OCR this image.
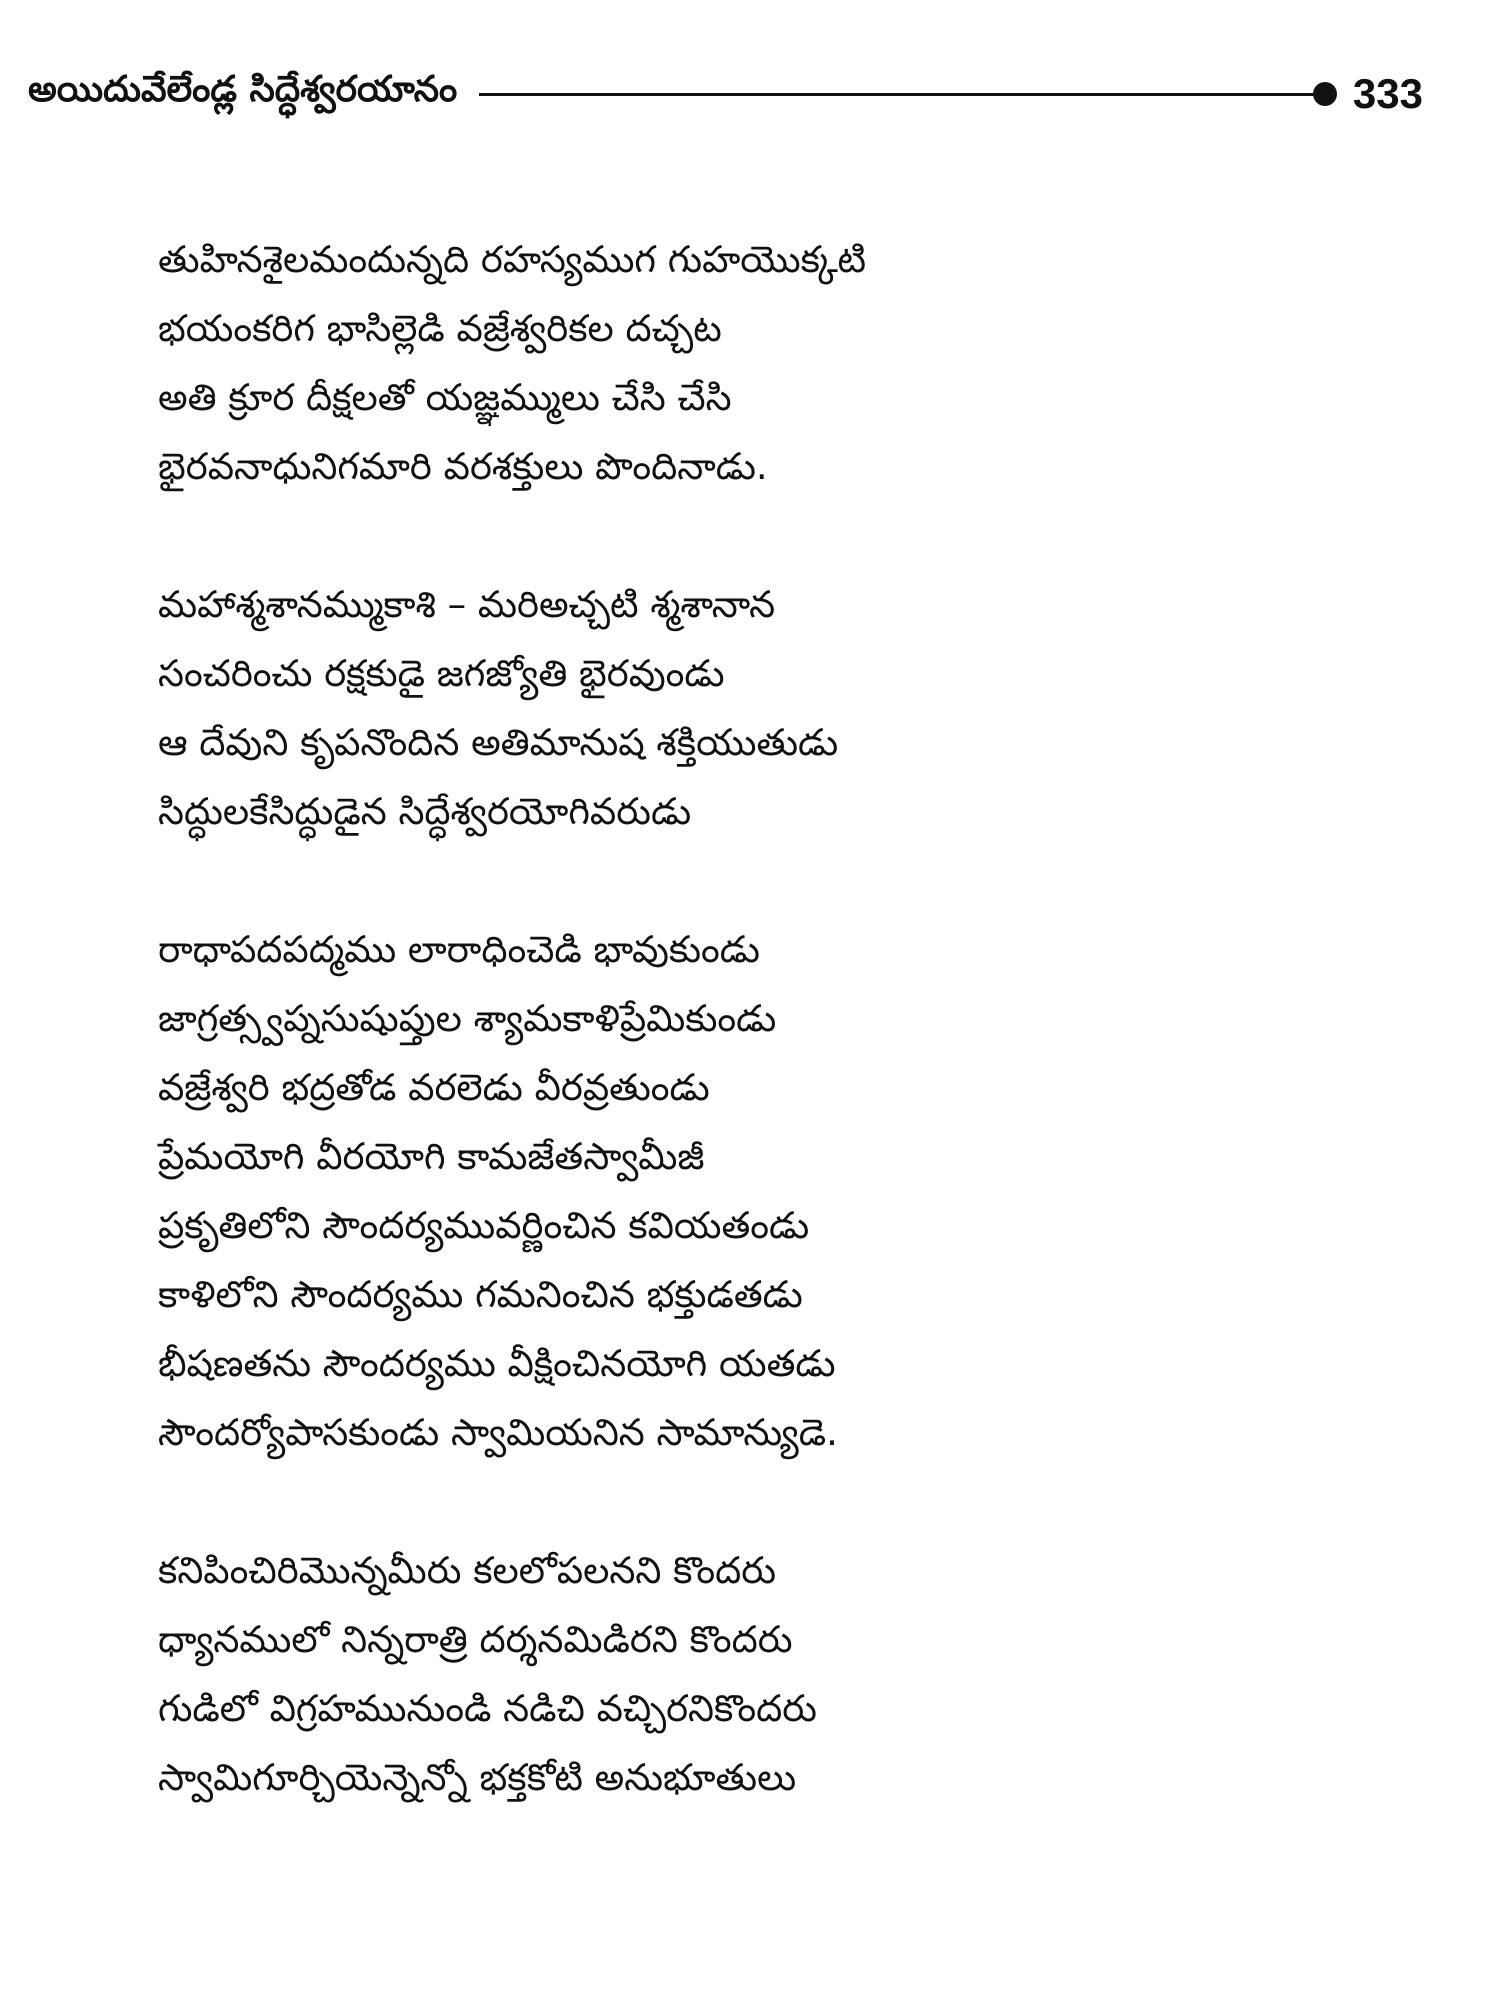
అయిదువేలేండ్ల సిద్ధేశ్వరయానం	333
తుహినశైలమందున్నది రహస్యముగ గుహయొక్కటి
భయంకరిగ భాసిల్లెడి వజ్రేశ్వరికల దచ్చట
అతి క్రూర దీక్షలతో యజ్ఞమ్ములు చేసి చేసి
భైరవనాధునిగమారి వరశక్తులు పొందినాడు.
మహాశ్మశానమ్ముకాశి – మరిఅచ్చటి శ్మశానాన
సంచరించు రక్షకుడై జగజ్యోతి భైరవుండు
ఆ దేవుని కృపనొందిన అతిమానుష శక్తియుతుడు
సిద్ధులకేసిద్ధుడైన సిద్ధేశ్వరయోగివరుడు
రాధాపదపద్మము లారాధించెడి భావుకుండు
జాగ్రత్స్వప్నసుషుప్తుల శ్యామకాళిప్రేమికుండు
వజ్రేశ్వరి భద్రతోడ వరలెడు వీరవ్రతుండు
ప్రేమయోగి వీరయోగి కామజేతస్వామీజీ
ప్రకృతిలోని సౌందర్యమువర్ణించిన కవియతండు
కాళిలోని సౌందర్యము గమనించిన భక్తుడతడు
భీషణతను సౌందర్యము వీక్షించినయోగి యతడు
సౌందర్యోపాసకుండు స్వామియనిన సామాన్యుడె.
కనిపించిరిమొన్నమీరు కలలోపలనని కొందరు
ధ్యానములో నిన్నరాత్రి దర్శనమిడిరని కొందరు
గుడిలో విగ్రహమునుండి నడిచి వచ్చిరనికొందరు
స్వామిగూర్చియెన్నెన్నో భక్తకోటి అనుభూతులు
